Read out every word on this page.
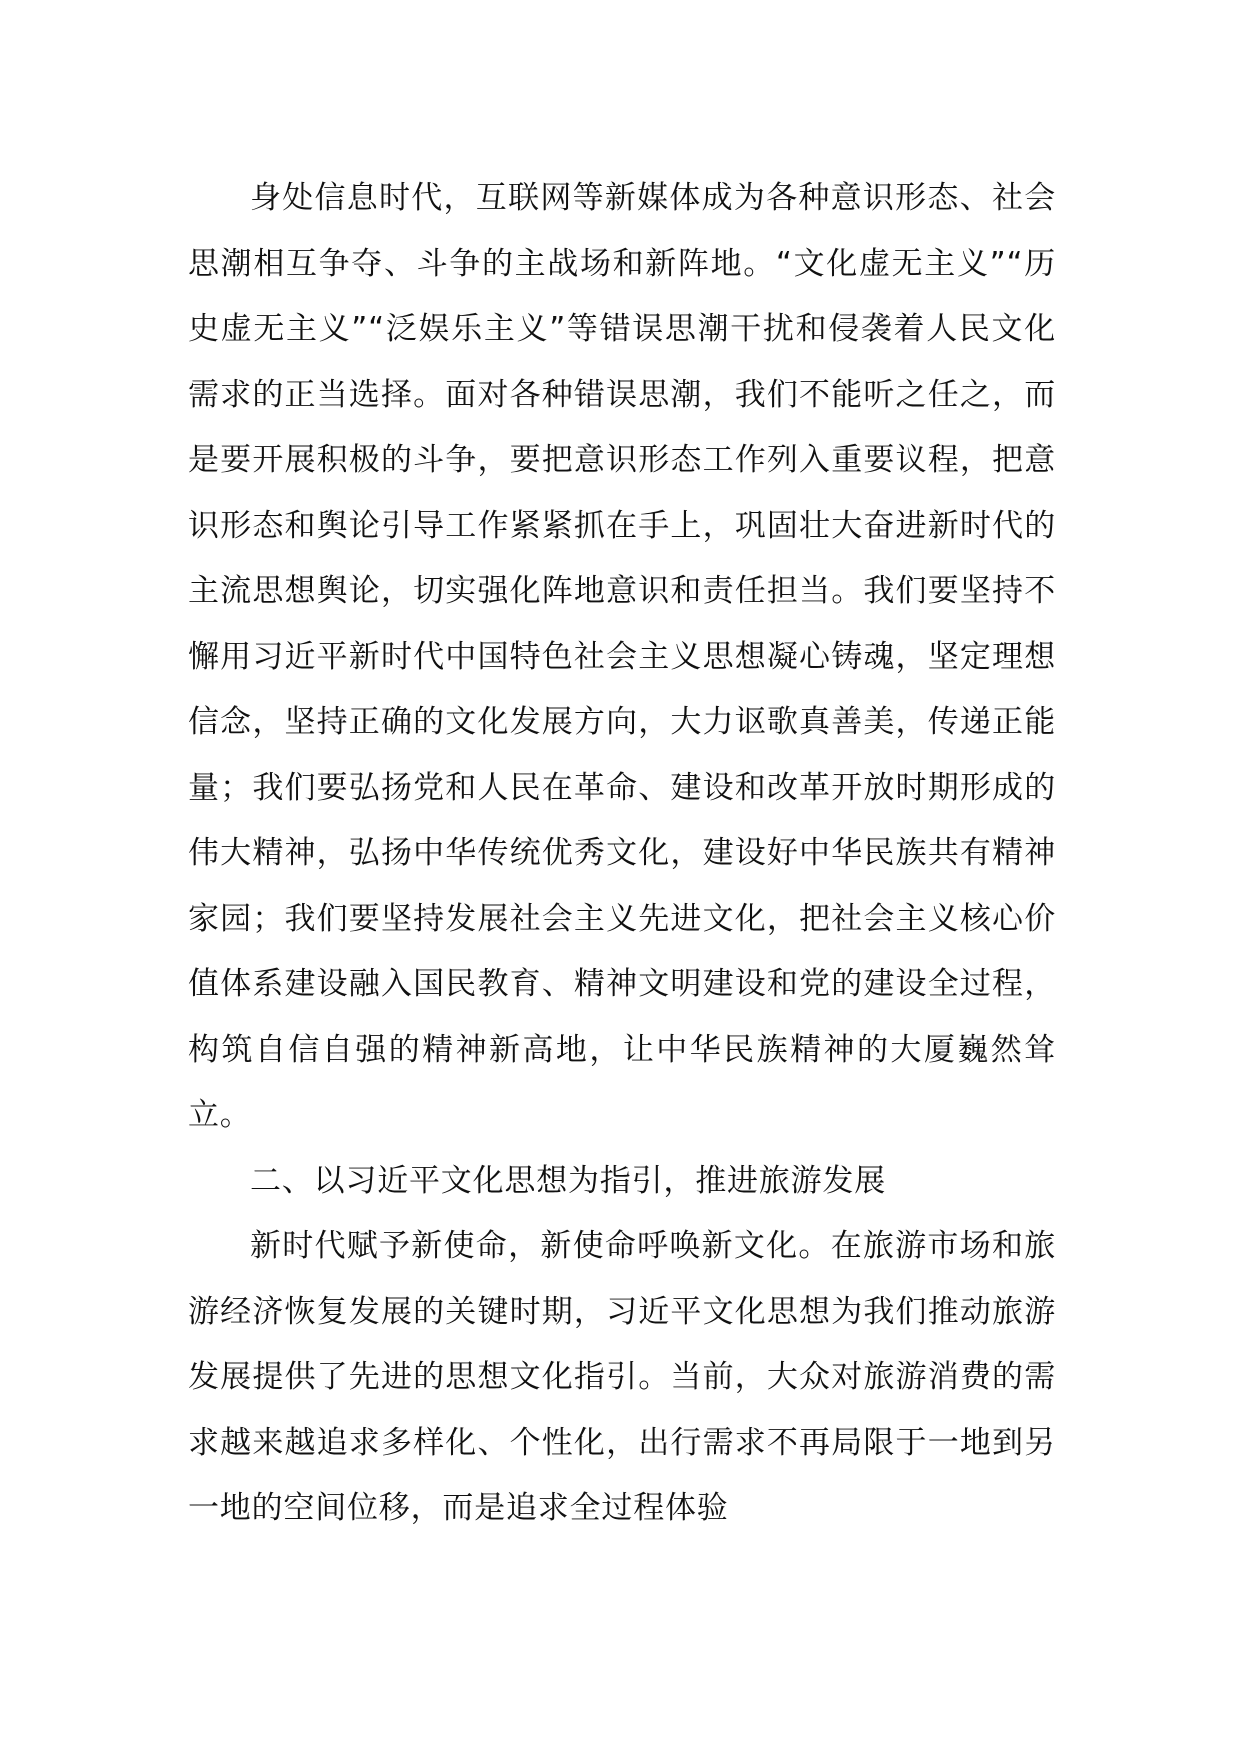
身处信息时代，互联网等新媒体成为各种意识形态、社会思潮相互争夺、斗争的主战场和新阵地。“文化虚无主义”“历史虚无主义”“泛娱乐主义”等错误思潮干扰和侵袭着人民文化需求的正当选择。面对各种错误思潮，我们不能听之任之，而是要开展积极的斗争，要把意识形态工作列入重要议程，把意识形态和舆论引导工作紧紧抓在手上，巩固壮大奋进新时代的主流思想舆论，切实强化阵地意识和责任担当。我们要坚持不懈用习近平新时代中国特色社会主义思想凝心铸魂，坚定理想信念，坚持正确的文化发展方向，大力讴歌真善美，传递正能量；我们要弘扬党和人民在革命、建设和改革开放时期形成的伟大精神，弘扬中华传统优秀文化，建设好中华民族共有精神家园；我们要坚持发展社会主义先进文化，把社会主义核心价值体系建设融入国民教育、精神文明建设和党的建设全过程，构筑自信自强的精神新高地，让中华民族精神的大厦巍然耸立。

二、以习近平文化思想为指引，推进旅游发展

新时代赋予新使命，新使命呼唤新文化。在旅游市场和旅游经济恢复发展的关键时期，习近平文化思想为我们推动旅游发展提供了先进的思想文化指引。当前，大众对旅游消费的需求越来越追求多样化、个性化，出行需求不再局限于一地到另一地的空间位移，而是追求全过程体验
